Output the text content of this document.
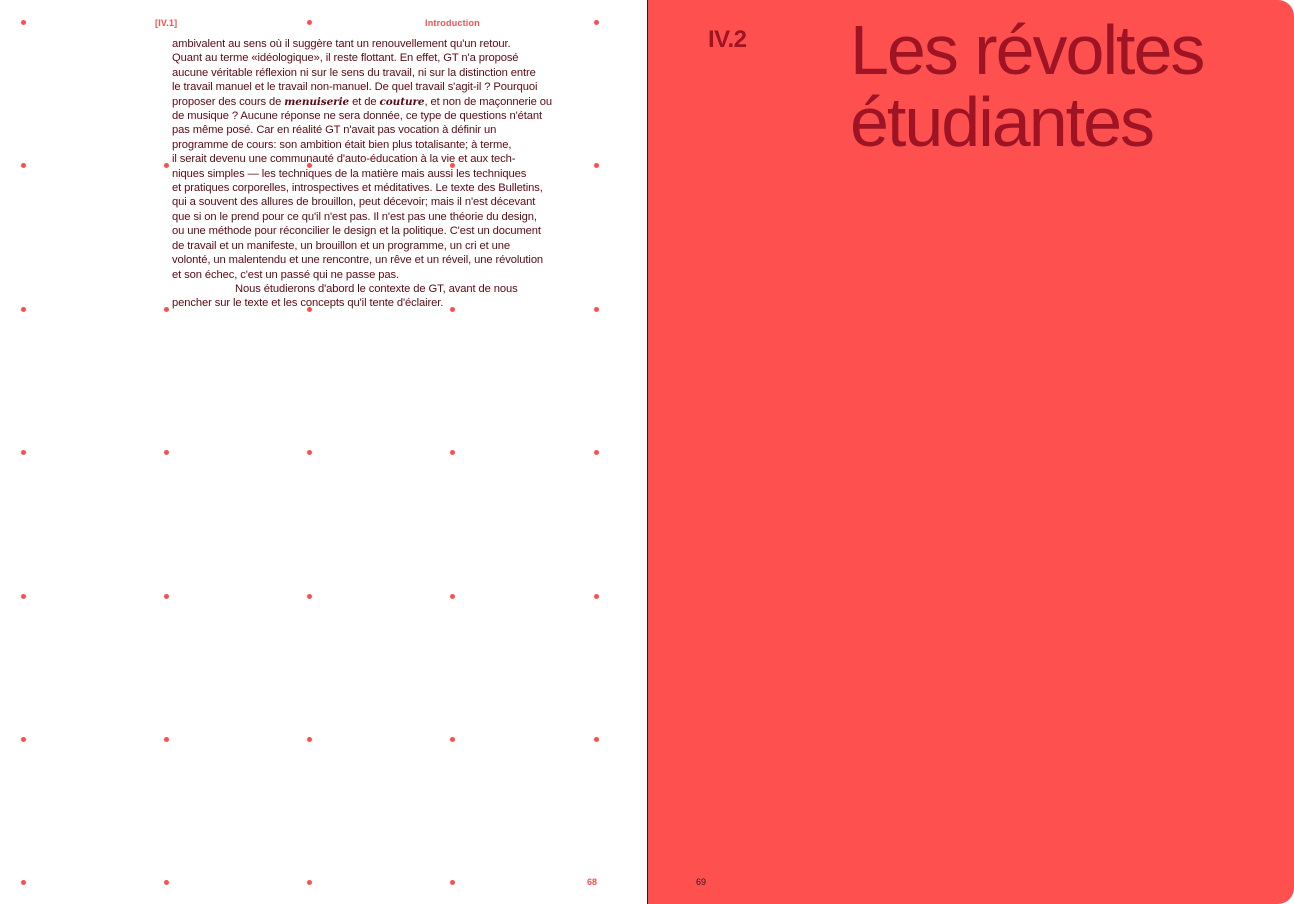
[IV.1]	Introduction
ambivalent au sens où il suggère tant un renouvellement qu'un retour.
Quant au terme «idéologique», il reste flottant. En effet, GT n'a proposé
aucune véritable réflexion ni sur le sens du travail, ni sur la distinction entre
le travail manuel et le travail non-manuel. De quel travail s'agit-il ? Pourquoi
proposer des cours de menuiserie et de couture, et non de maçonnerie ou
de musique ? Aucune réponse ne sera donnée, ce type de questions n'étant
pas même posé. Car en réalité GT n'avait pas vocation à définir un
programme de cours: son ambition était bien plus totalisante; à terme,
il serait devenu une communauté d'auto-éducation à la vie et aux tech-
niques simples — les techniques de la matière mais aussi les techniques
et pratiques corporelles, introspectives et méditatives. Le texte des Bulletins,
qui a souvent des allures de brouillon, peut décevoir; mais il n'est décevant
que si on le prend pour ce qu'il n'est pas. Il n'est pas une théorie du design,
ou une méthode pour réconcilier le design et la politique. C'est un document
de travail et un manifeste, un brouillon et un programme, un cri et une
volonté, un malentendu et une rencontre, un rêve et un réveil, une révolution
et son échec, c'est un passé qui ne passe pas.
Nous étudierons d'abord le contexte de GT, avant de nous
pencher sur le texte et les concepts qu'il tente d'éclairer.
68
IV.2 Les révoltes
étudiantes
69
